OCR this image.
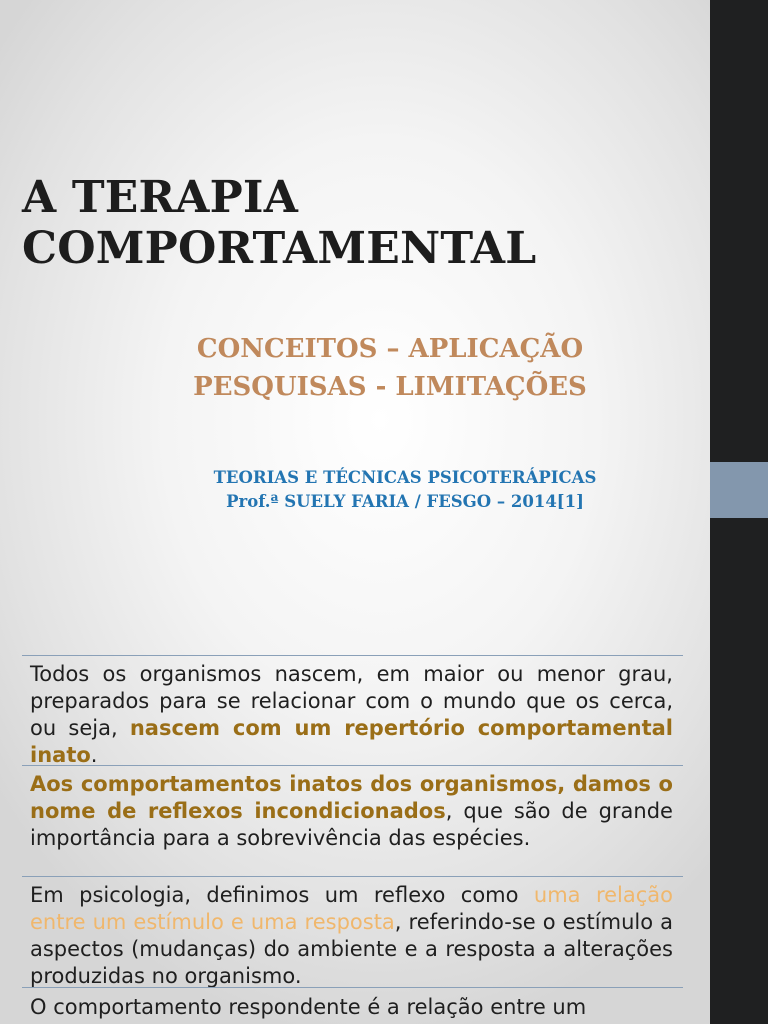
A TERAPIA
COMPORTAMENTAL
CONCEITOS – APLICAÇÃO
PESQUISAS - LIMITAÇÕES
TEORIAS E TÉCNICAS PSICOTERÁPICAS
Prof.ª SUELY FARIA / FESGO – 2014[1]
Todos os organismos nascem, em maior ou menor grau, preparados para se relacionar com o mundo que os cerca, ou seja, nascem com um repertório comportamental inato.
Aos comportamentos inatos dos organismos, damos o nome de reflexos incondicionados, que são de grande importância para a sobrevivência das espécies.
Em psicologia, definimos um reflexo como uma relação entre um estímulo e uma resposta, referindo-se o estímulo a aspectos (mudanças) do ambiente e a resposta a alterações produzidas no organismo.
O comportamento respondente é a relação entre um
